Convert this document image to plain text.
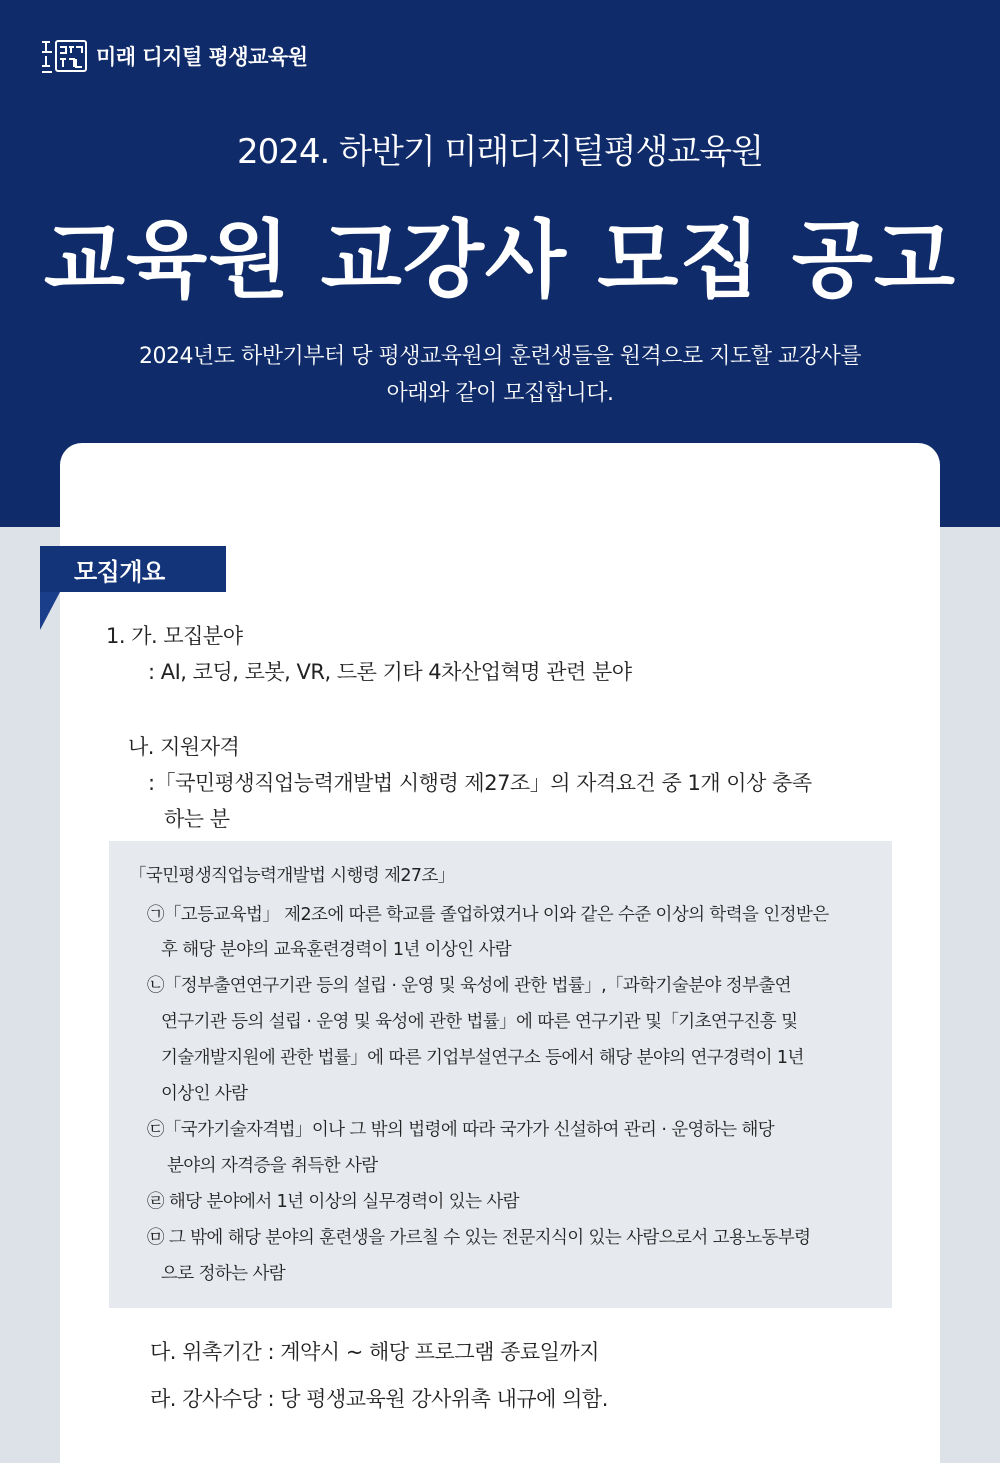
미래 디지털 평생교육원
2024. 하반기 미래디지털평생교육원
교육원 교강사 모집 공고
2024년도 하반기부터 당 평생교육원의 훈련생들을 원격으로 지도할 교강사를
아래와 같이 모집합니다.
모집개요
1. 가. 모집분야
: AI, 코딩, 로봇, VR, 드론 기타 4차산업혁명 관련 분야
나. 지원자격
:「국민평생직업능력개발법 시행령 제27조」의 자격요건 중 1개 이상 충족
하는 분
「국민평생직업능력개발법 시행령 제27조」
㉠「고등교육법」 제2조에 따른 학교를 졸업하였거나 이와 같은 수준 이상의 학력을 인정받은
후 해당 분야의 교육훈련경력이 1년 이상인 사람
㉡「정부출연연구기관 등의 설립 · 운영 및 육성에 관한 법률」,「과학기술분야 정부출연
연구기관 등의 설립 · 운영 및 육성에 관한 법률」에 따른 연구기관 및「기초연구진흥 및
기술개발지원에 관한 법률」에 따른 기업부설연구소 등에서 해당 분야의 연구경력이 1년
이상인 사람
㉢「국가기술자격법」이나 그 밖의 법령에 따라 국가가 신설하여 관리 · 운영하는 해당
분야의 자격증을 취득한 사람
㉣ 해당 분야에서 1년 이상의 실무경력이 있는 사람
㉤ 그 밖에 해당 분야의 훈련생을 가르칠 수 있는 전문지식이 있는 사람으로서 고용노동부령
으로 정하는 사람
다. 위촉기간 : 계약시 ~ 해당 프로그램 종료일까지
라. 강사수당 : 당 평생교육원 강사위촉 내규에 의함.
